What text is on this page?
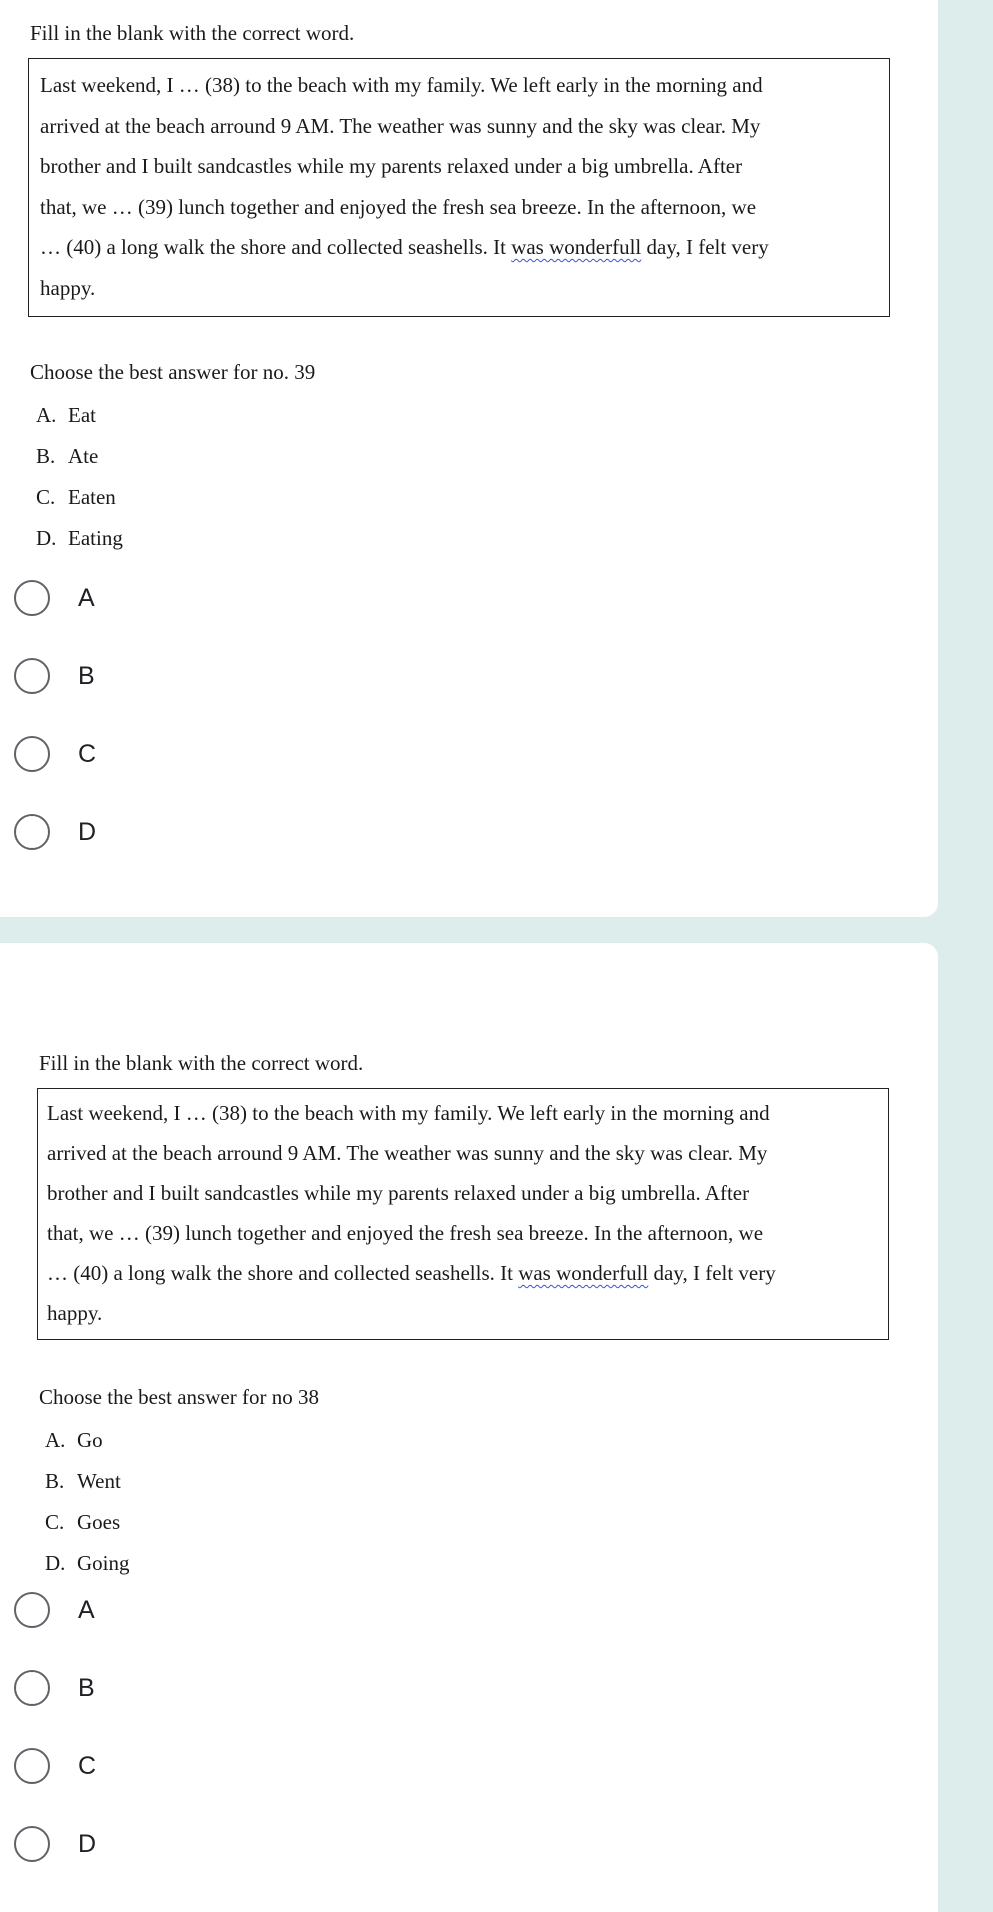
Fill in the blank with the correct word.
Last weekend, I … (38) to the beach with my family. We left early in the morning and
arrived at the beach arround 9 AM. The weather was sunny and the sky was clear. My
brother and I built sandcastles while my parents relaxed under a big umbrella. After
that, we … (39) lunch together and enjoyed the fresh sea breeze. In the afternoon, we
… (40) a long walk the shore and collected seashells. It was wonderfull day, I felt very
happy.
Choose the best answer for no. 39
A. Eat
B. Ate
C. Eaten
D. Eating
A
B
C
D
Fill in the blank with the correct word.
Last weekend, I … (38) to the beach with my family. We left early in the morning and
arrived at the beach arround 9 AM. The weather was sunny and the sky was clear. My
brother and I built sandcastles while my parents relaxed under a big umbrella. After
that, we … (39) lunch together and enjoyed the fresh sea breeze. In the afternoon, we
… (40) a long walk the shore and collected seashells. It was wonderfull day, I felt very
happy.
Choose the best answer for no 38
A. Go
B. Went
C. Goes
D. Going
A
B
C
D
